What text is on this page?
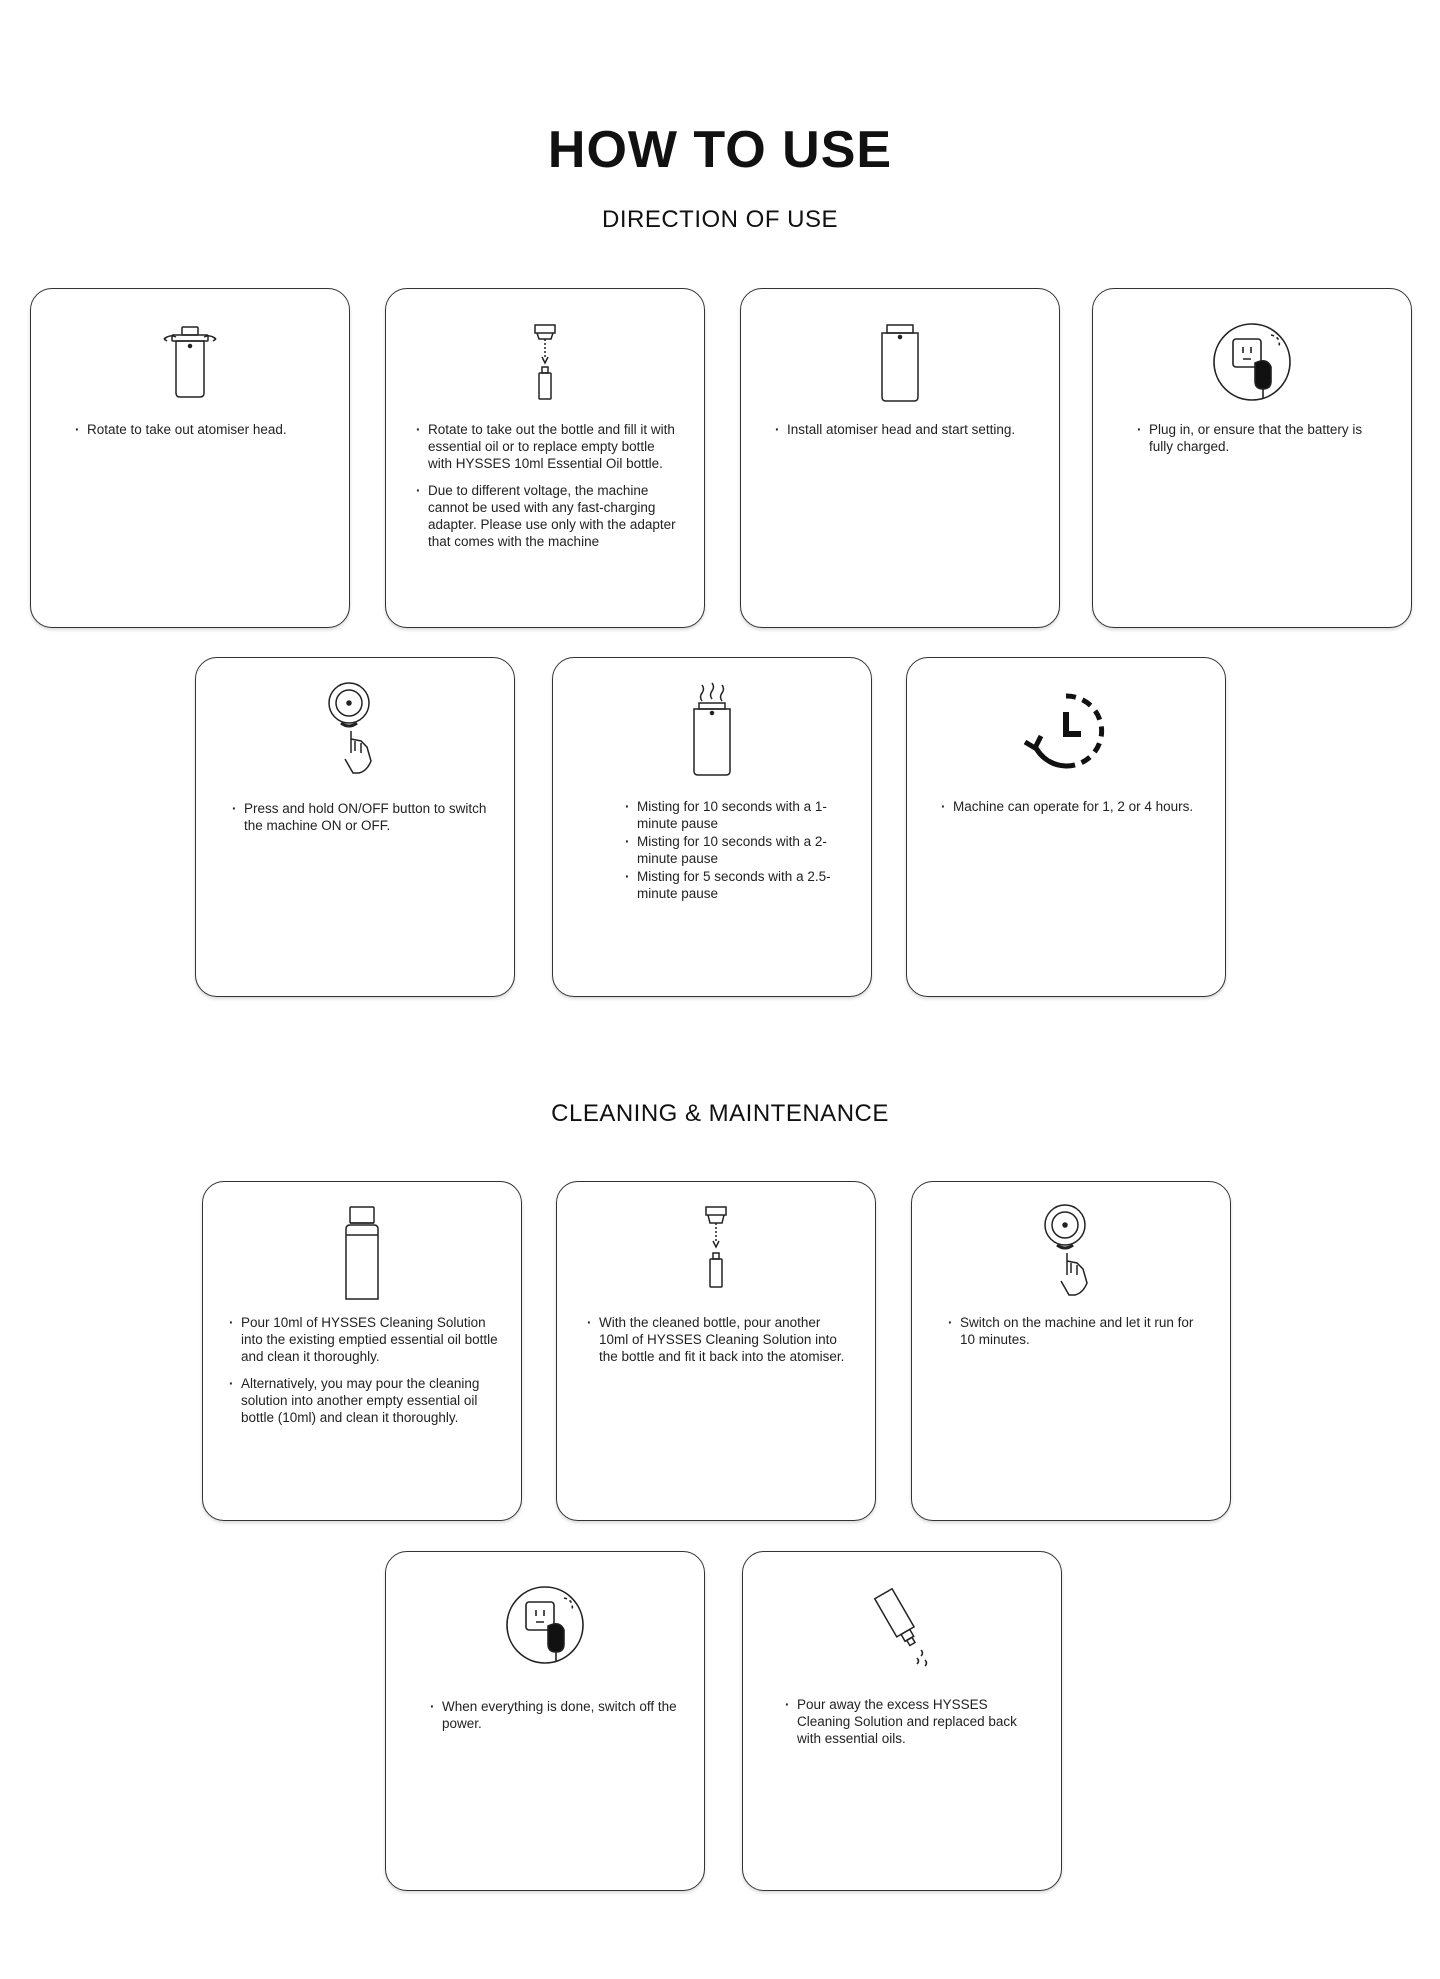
HOW TO USE
DIRECTION OF USE

· Rotate to take out atomiser head.	· Rotate to take out the bottle and fill it with essential oil or to replace empty bottle with HYSSES 10ml Essential Oil bottle.

· Due to different voltage, the machine cannot be used with any fast-charging adapter. Please use only with the adapter that comes with the machine

· Install atomiser head and start setting.	· Plug in, or ensure that the battery is fully charged.

· Press and hold ON/OFF button to switch the machine ON or OFF.

· Misting for 10 seconds with a 1-minute pause

· Misting for 10 seconds with a 2-minute pause

· Misting for 5 seconds with a 2.5-minute pause

· Machine can operate for 1, 2 or 4 hours.

CLEANING & MAINTENANCE

· Pour 10ml of HYSSES Cleaning Solution into the existing emptied essential oil bottle and clean it thoroughly.

· Alternatively, you may pour the cleaning solution into another empty essential oil bottle (10ml) and clean it thoroughly.

· With the cleaned bottle, pour another 10ml of HYSSES Cleaning Solution into the bottle and fit it back into the atomiser.

· Switch on the machine and let it run for 10 minutes.

· When everything is done, switch off the power.

· Pour away the excess HYSSES Cleaning Solution and replaced back with essential oils.
